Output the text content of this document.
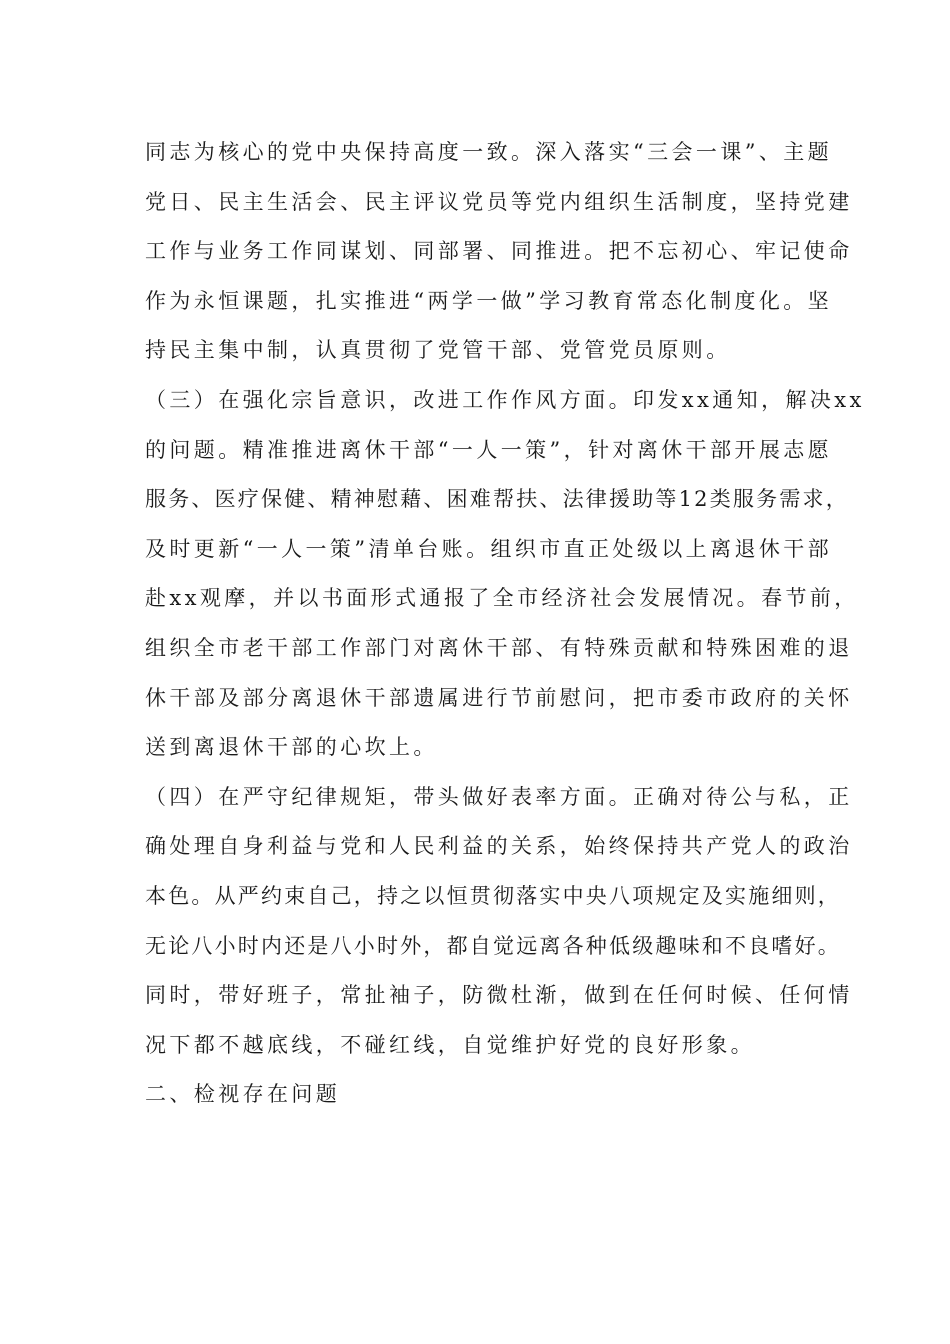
同志为核心的党中央保持高度一致。深入落实“三会一课”、主题
党日、民主生活会、民主评议党员等党内组织生活制度，坚持党建
工作与业务工作同谋划、同部署、同推进。把不忘初心、牢记使命
作为永恒课题，扎实推进“两学一做”学习教育常态化制度化。坚
持民主集中制，认真贯彻了党管干部、党管党员原则。
（三）在强化宗旨意识，改进工作作风方面。印发xx通知，解决xx
的问题。精准推进离休干部“一人一策”，针对离休干部开展志愿
服务、医疗保健、精神慰藉、困难帮扶、法律援助等12类服务需求，
及时更新“一人一策”清单台账。组织市直正处级以上离退休干部
赴xx观摩，并以书面形式通报了全市经济社会发展情况。春节前，
组织全市老干部工作部门对离休干部、有特殊贡献和特殊困难的退
休干部及部分离退休干部遗属进行节前慰问，把市委市政府的关怀
送到离退休干部的心坎上。
（四）在严守纪律规矩，带头做好表率方面。正确对待公与私，正
确处理自身利益与党和人民利益的关系，始终保持共产党人的政治
本色。从严约束自己，持之以恒贯彻落实中央八项规定及实施细则，
无论八小时内还是八小时外，都自觉远离各种低级趣味和不良嗜好。
同时，带好班子，常扯袖子，防微杜渐，做到在任何时候、任何情
况下都不越底线，不碰红线，自觉维护好党的良好形象。
二、检视存在问题
